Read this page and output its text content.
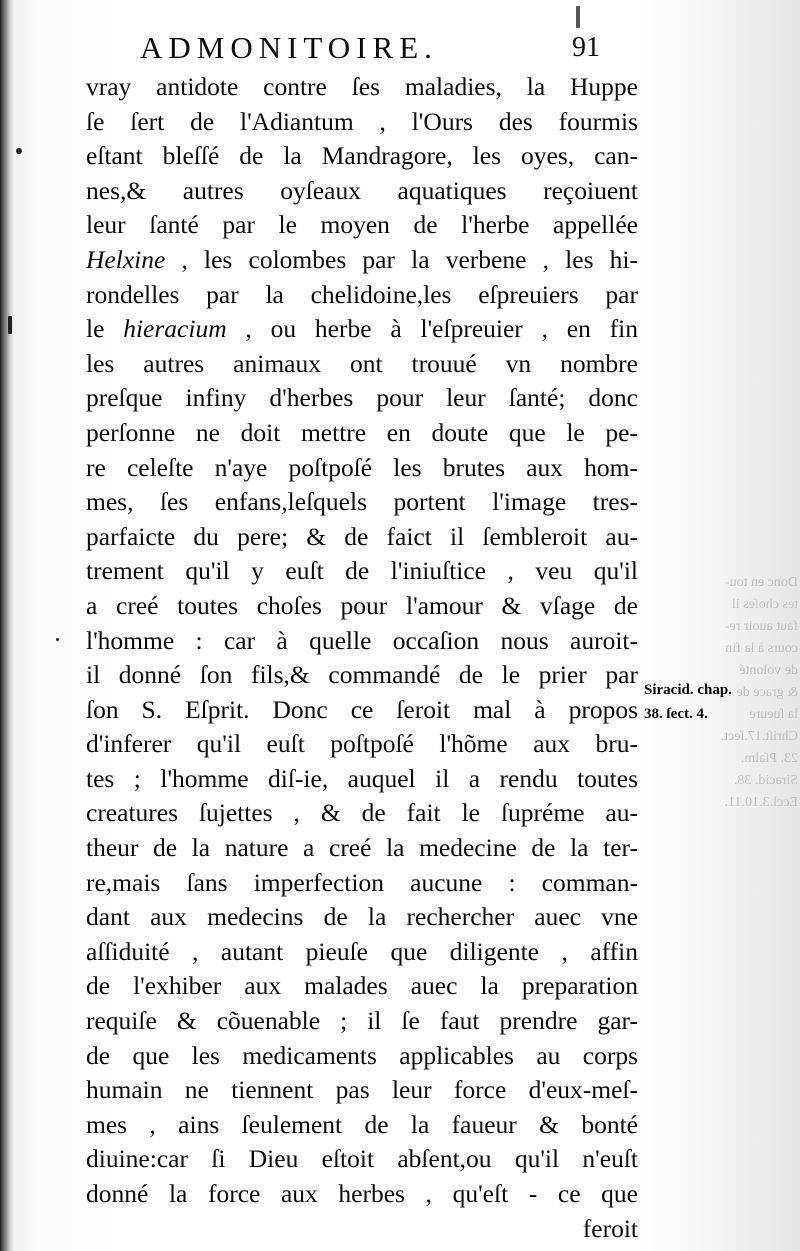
ADMONITOIRE.	91
Donc en tou-
tes choſes il
faut auoir re-
cours à la fin
de volonté
& grace de
la ſueure
Chriſt.17.ſect.
23. Pſalm.
Siracid. 38.
Eccl.3.10.11.
vray antidote contre ſes maladies, la Huppe
ſe ſert de l'Adiantum , l'Ours des fourmis
eſtant bleſſé de la Mandragore, les oyes, can-
nes,& autres oyſeaux aquatiques reçoiuent
leur ſanté par le moyen de l'herbe appellée
Helxine , les colombes par la verbene , les hi-
rondelles par la chelidoine,les eſpreuiers par
le hieracium , ou herbe à l'eſpreuier , en fin
les autres animaux ont trouué vn nombre
preſque infiny d'herbes pour leur ſanté; donc
perſonne ne doit mettre en doute que le pe-
re celeſte n'aye poſtpoſé les brutes aux hom-
mes, ſes enfans,leſquels portent l'image tres-
parfaicte du pere; & de faict il ſembleroit au-
trement qu'il y euſt de l'iniuſtice , veu qu'il
a creé toutes choſes pour l'amour & vſage de
l'homme : car à quelle occaſion nous auroit-
il donné ſon fils,& commandé de le prier par
ſon S. Eſprit. Donc ce ſeroit mal à propos
d'inferer qu'il euſt poſtpoſé l'hõme aux bru-
tes ; l'homme diſ-ie, auquel il a rendu toutes
creatures ſujettes , & de fait le ſupréme au-
theur de la nature a creé la medecine de la ter-
re,mais ſans imperfection aucune : comman-
dant aux medecins de la rechercher auec vne
aſſiduité , autant pieuſe que diligente , affin
de l'exhiber aux malades auec la preparation
requiſe & cõuenable ; il ſe faut prendre gar-
de que les medicaments applicables au corps
humain ne tiennent pas leur force d'eux-meſ-
mes , ains ſeulement de la faueur & bonté
diuine:car ſi Dieu eſtoit abſent,ou qu'il n'euſt
donné la force aux herbes , qu'eſt - ce que
feroit
Siracid. chap.
38. ſect. 4.
